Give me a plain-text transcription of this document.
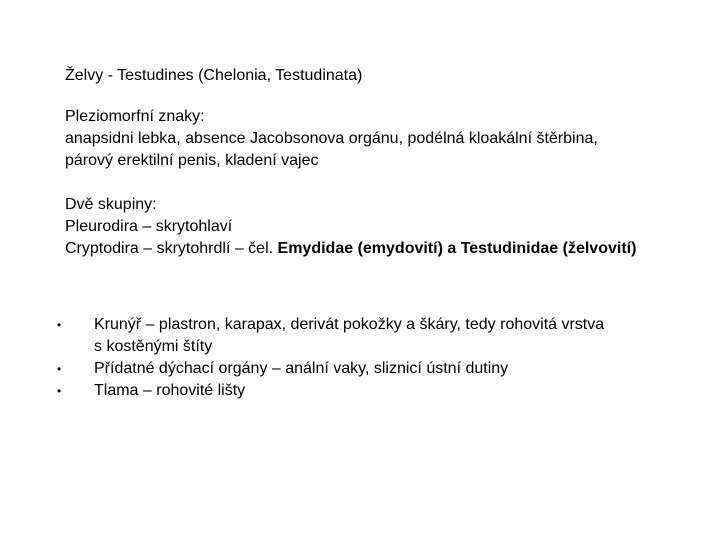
Želvy - Testudines (Chelonia, Testudinata)
Pleziomorfní znaky:
anapsidni lebka, absence Jacobsonova orgánu, podélná kloakální štěrbina,
párový erektilní penis, kladení vajec
Dvě skupiny:
Pleurodira – skrytohlaví
Cryptodira – skrytohrdlí – čel. Emydidae (emydovití) a Testudinidae (želvovití)
• Krunýř – plastron, karapax, derivát pokožky a škáry, tedy rohovitá vrstva
s kostěnými štíty
• Přídatné dýchací orgány – anální vaky, sliznicí ústní dutiny
• Tlama – rohovité lišty
